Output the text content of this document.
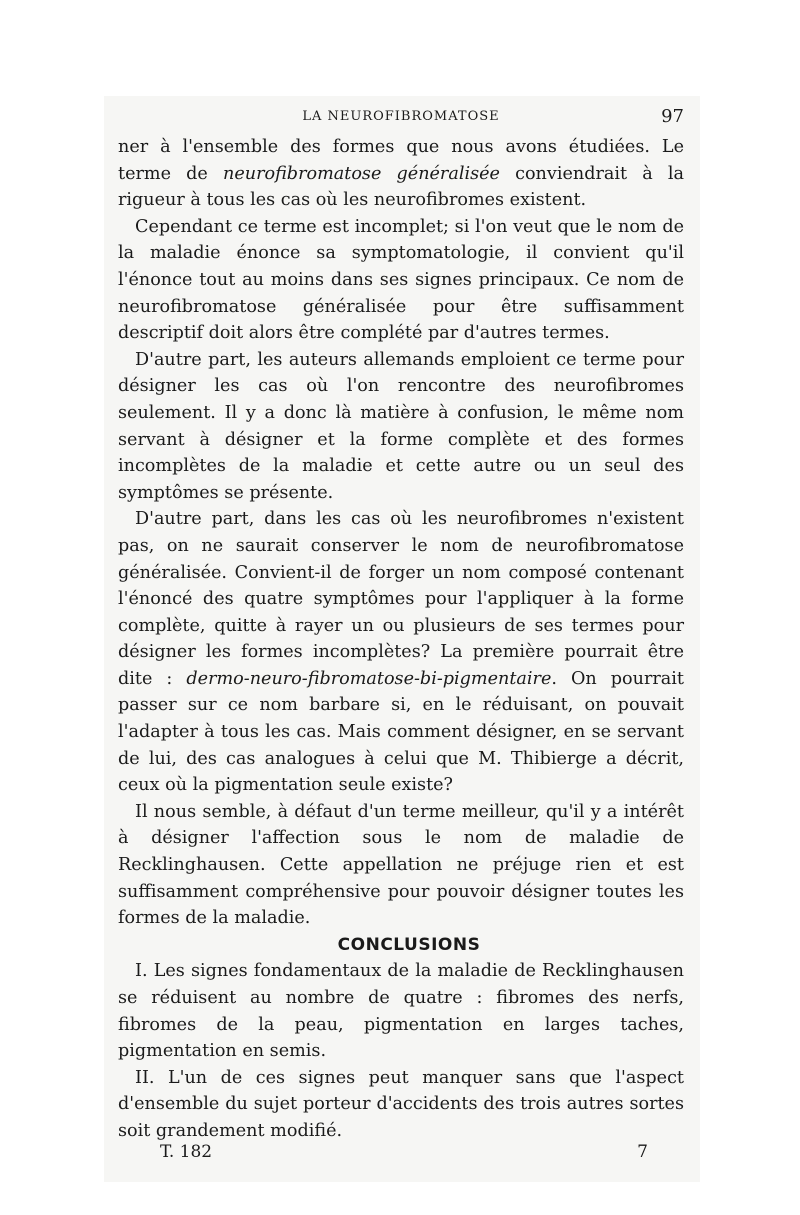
LA NEUROFIBROMATOSE	97

ner à l'ensemble des formes que nous avons étudiées. Le terme de neurofibromatose généralisée conviendrait à la rigueur à tous les cas où les neurofibromes existent.

Cependant ce terme est incomplet; si l'on veut que le nom de la maladie énonce sa symptomatologie, il convient qu'il l'énonce tout au moins dans ses signes principaux. Ce nom de neurofibromatose généralisée pour être suffisamment descriptif doit alors être complété par d'autres termes.

D'autre part, les auteurs allemands emploient ce terme pour désigner les cas où l'on rencontre des neurofibromes seulement. Il y a donc là matière à confusion, le même nom servant à désigner et la forme complète et des formes incomplètes de la maladie et cette autre ou un seul des symptômes se présente.

D'autre part, dans les cas où les neurofibromes n'existent pas, on ne saurait conserver le nom de neurofibromatose généralisée. Convient-il de forger un nom composé contenant l'énoncé des quatre symptômes pour l'appliquer à la forme complète, quitte à rayer un ou plusieurs de ses termes pour désigner les formes incomplètes? La première pourrait être dite : dermo-neuro-fibromatose-bi-pigmentaire. On pourrait passer sur ce nom barbare si, en le réduisant, on pouvait l'adapter à tous les cas. Mais comment désigner, en se servant de lui, des cas analogues à celui que M. Thibierge a décrit, ceux où la pigmentation seule existe?

Il nous semble, à défaut d'un terme meilleur, qu'il y a intérêt à désigner l'affection sous le nom de maladie de Recklinghausen. Cette appellation ne préjuge rien et est suffisamment compréhensive pour pouvoir désigner toutes les formes de la maladie.

CONCLUSIONS

I. Les signes fondamentaux de la maladie de Recklinghausen se réduisent au nombre de quatre : fibromes des nerfs, fibromes de la peau, pigmentation en larges taches, pigmentation en semis.

II. L'un de ces signes peut manquer sans que l'aspect d'ensemble du sujet porteur d'accidents des trois autres sortes soit grandement modifié.

T. 182	7
